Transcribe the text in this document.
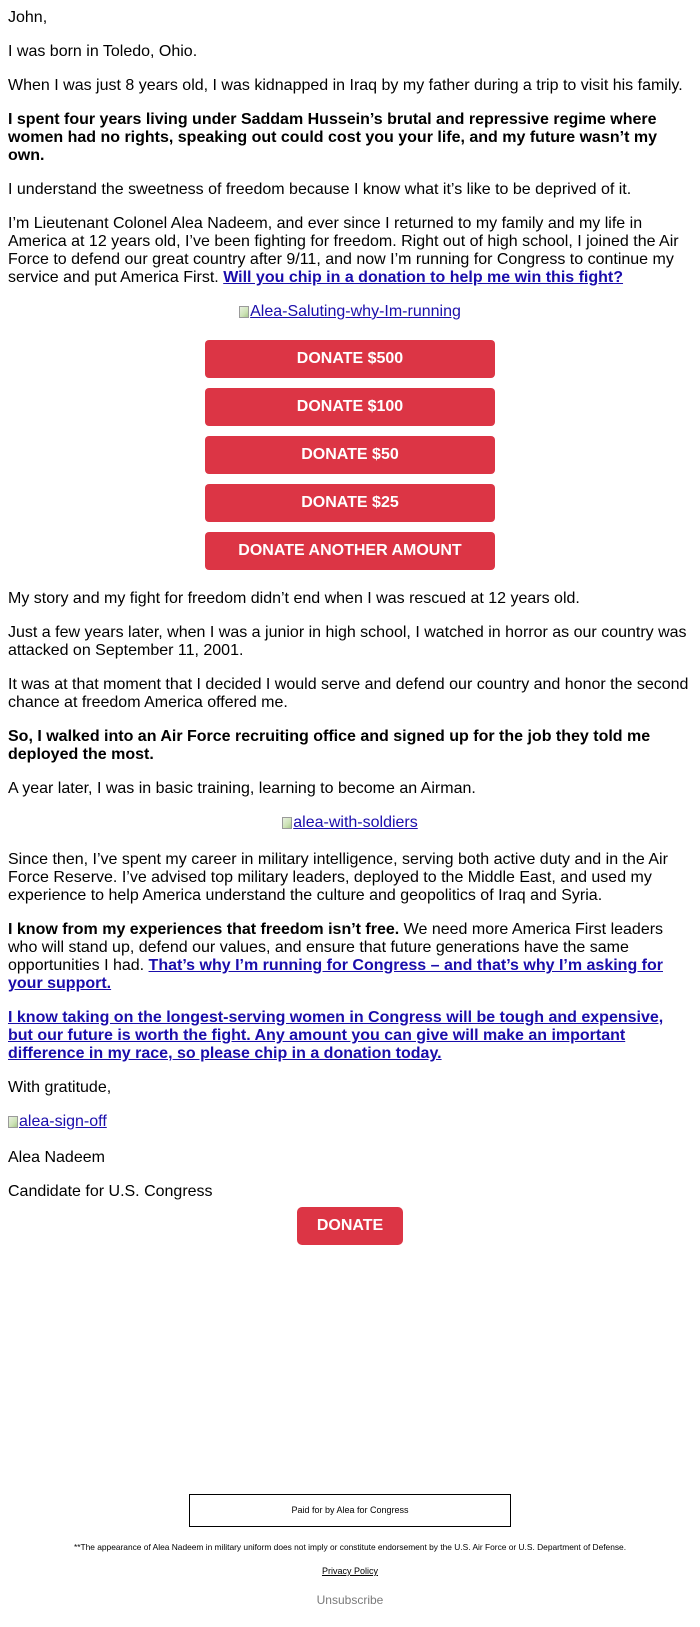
John,

I was born in Toledo, Ohio.

When I was just 8 years old, I was kidnapped in Iraq by my father during a trip to visit his family.

I spent four years living under Saddam Hussein’s brutal and repressive regime where women had no rights, speaking out could cost you your life, and my future wasn’t my own.

I understand the sweetness of freedom because I know what it’s like to be deprived of it.

I’m Lieutenant Colonel Alea Nadeem, and ever since I returned to my family and my life in America at 12 years old, I’ve been fighting for freedom. Right out of high school, I joined the Air Force to defend our great country after 9/11, and now I’m running for Congress to continue my service and put America First. Will you chip in a donation to help me win this fight?

Alea-Saluting-why-Im-running
DONATE $500
DONATE $100
DONATE $50
DONATE $25
DONATE ANOTHER AMOUNT

My story and my fight for freedom didn’t end when I was rescued at 12 years old.

Just a few years later, when I was a junior in high school, I watched in horror as our country was attacked on September 11, 2001.

It was at that moment that I decided I would serve and defend our country and honor the second chance at freedom America offered me.

So, I walked into an Air Force recruiting office and signed up for the job they told me deployed the most.

A year later, I was in basic training, learning to become an Airman.

alea-with-soldiers

Since then, I’ve spent my career in military intelligence, serving both active duty and in the Air Force Reserve. I’ve advised top military leaders, deployed to the Middle East, and used my experience to help America understand the culture and geopolitics of Iraq and Syria.

I know from my experiences that freedom isn’t free. We need more America First leaders who will stand up, defend our values, and ensure that future generations have the same opportunities I had. That’s why I’m running for Congress – and that’s why I’m asking for your support.

I know taking on the longest-serving women in Congress will be tough and expensive, but our future is worth the fight. Any amount you can give will make an important difference in my race, so please chip in a donation today.

With gratitude,

alea-sign-off

Alea Nadeem

Candidate for U.S. Congress

DONATE
Paid for by Alea for Congress
**The appearance of Alea Nadeem in military uniform does not imply or constitute endorsement by the U.S. Air Force or U.S. Department of Defense.
Privacy Policy
Unsubscribe
